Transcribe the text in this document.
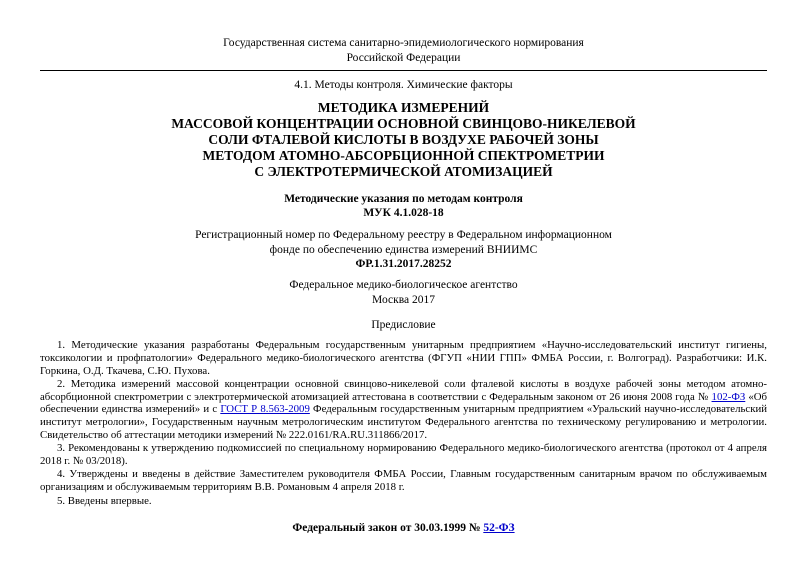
Государственная система санитарно-эпидемиологического нормирования
Российской Федерации
4.1. Методы контроля. Химические факторы
МЕТОДИКА ИЗМЕРЕНИЙ
МАССОВОЙ КОНЦЕНТРАЦИИ ОСНОВНОЙ СВИНЦОВО-НИКЕЛЕВОЙ
СОЛИ ФТАЛЕВОЙ КИСЛОТЫ В ВОЗДУХЕ РАБОЧЕЙ ЗОНЫ
МЕТОДОМ АТОМНО-АБСОРБЦИОННОЙ СПЕКТРОМЕТРИИ
С ЭЛЕКТРОТЕРМИЧЕСКОЙ АТОМИЗАЦИЕЙ
Методические указания по методам контроля
МУК 4.1.028-18
Регистрационный номер по Федеральному реестру в Федеральном информационном
фонде по обеспечению единства измерений ВНИИМС
ФР.1.31.2017.28252
Федеральное медико-биологическое агентство
Москва 2017
Предисловие

1. Методические указания разработаны Федеральным государственным унитарным предприятием «Научно-исследовательский институт гигиены, токсикологии и профпатологии» Федерального медико-биологического агентства (ФГУП «НИИ ГПП» ФМБА России, г. Волгоград). Разработчики: И.К. Горкина, О.Д. Ткачева, С.Ю. Пухова.

2. Методика измерений массовой концентрации основной свинцово-никелевой соли фталевой кислоты в воздухе рабочей зоны методом атомно-абсорбционной спектрометрии с электротермической атомизацией аттестована в соответствии с Федеральным законом от 26 июня 2008 года № 102-ФЗ «Об обеспечении единства измерений» и с ГОСТ Р 8.563-2009 Федеральным государственным унитарным предприятием «Уральский научно-исследовательский институт метрологии», Государственным научным метрологическим институтом Федерального агентства по техническому регулированию и метрологии. Свидетельство об аттестации методики измерений № 222.0161/RA.RU.311866/2017.

3. Рекомендованы к утверждению подкомиссией по специальному нормированию Федерального медико-биологического агентства (протокол от 4 апреля 2018 г. № 03/2018).

4. Утверждены и введены в действие Заместителем руководителя ФМБА России, Главным государственным санитарным врачом по обслуживаемым организациям и обслуживаемым территориям В.В. Романовым 4 апреля 2018 г.

5. Введены впервые.

Федеральный закон от 30.03.1999 № 52-ФЗ
